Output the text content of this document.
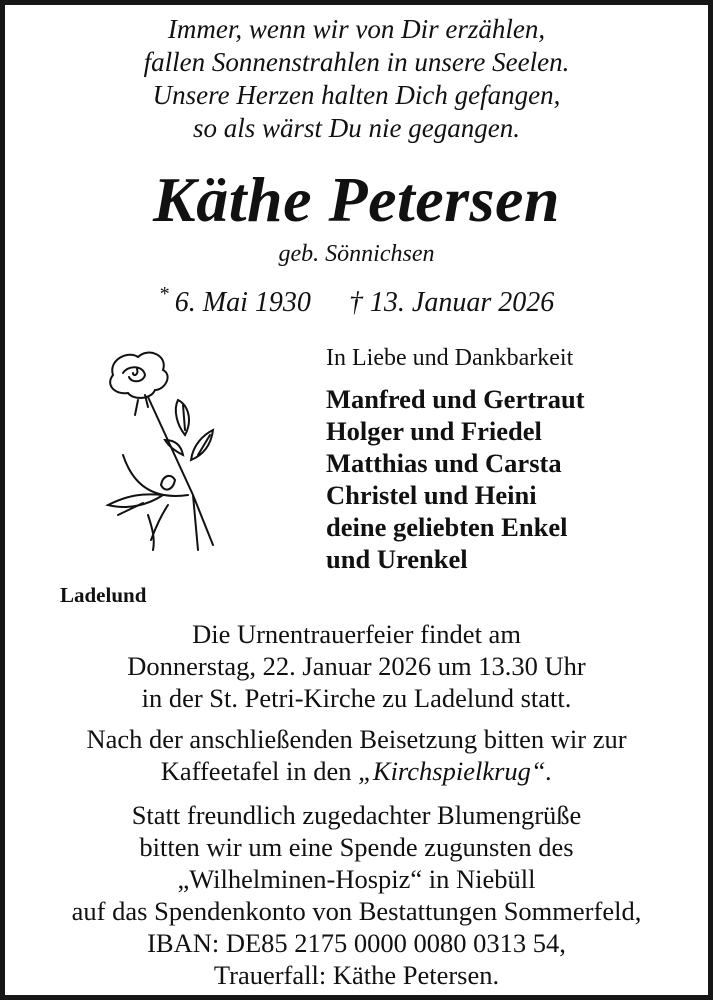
Immer, wenn wir von Dir erzählen,
fallen Sonnenstrahlen in unsere Seelen.
Unsere Herzen halten Dich gefangen,
so als wärst Du nie gegangen.
Käthe Petersen
geb. Sönnichsen
* 6. Mai 1930 † 13. Januar 2026
In Liebe und Dankbarkeit
Manfred und Gertraut
Holger und Friedel
Matthias und Carsta
Christel und Heini
deine geliebten Enkel
und Urenkel
Ladelund
Die Urnentrauerfeier findet am
Donnerstag, 22. Januar 2026 um 13.30 Uhr
in der St. Petri-Kirche zu Ladelund statt.
Nach der anschließenden Beisetzung bitten wir zur
Kaffeetafel in den „Kirchspielkrug“.
Statt freundlich zugedachter Blumengrüße
bitten wir um eine Spende zugunsten des
„Wilhelminen-Hospiz“ in Niebüll
auf das Spendenkonto von Bestattungen Sommerfeld,
IBAN: DE85 2175 0000 0080 0313 54,
Trauerfall: Käthe Petersen.
